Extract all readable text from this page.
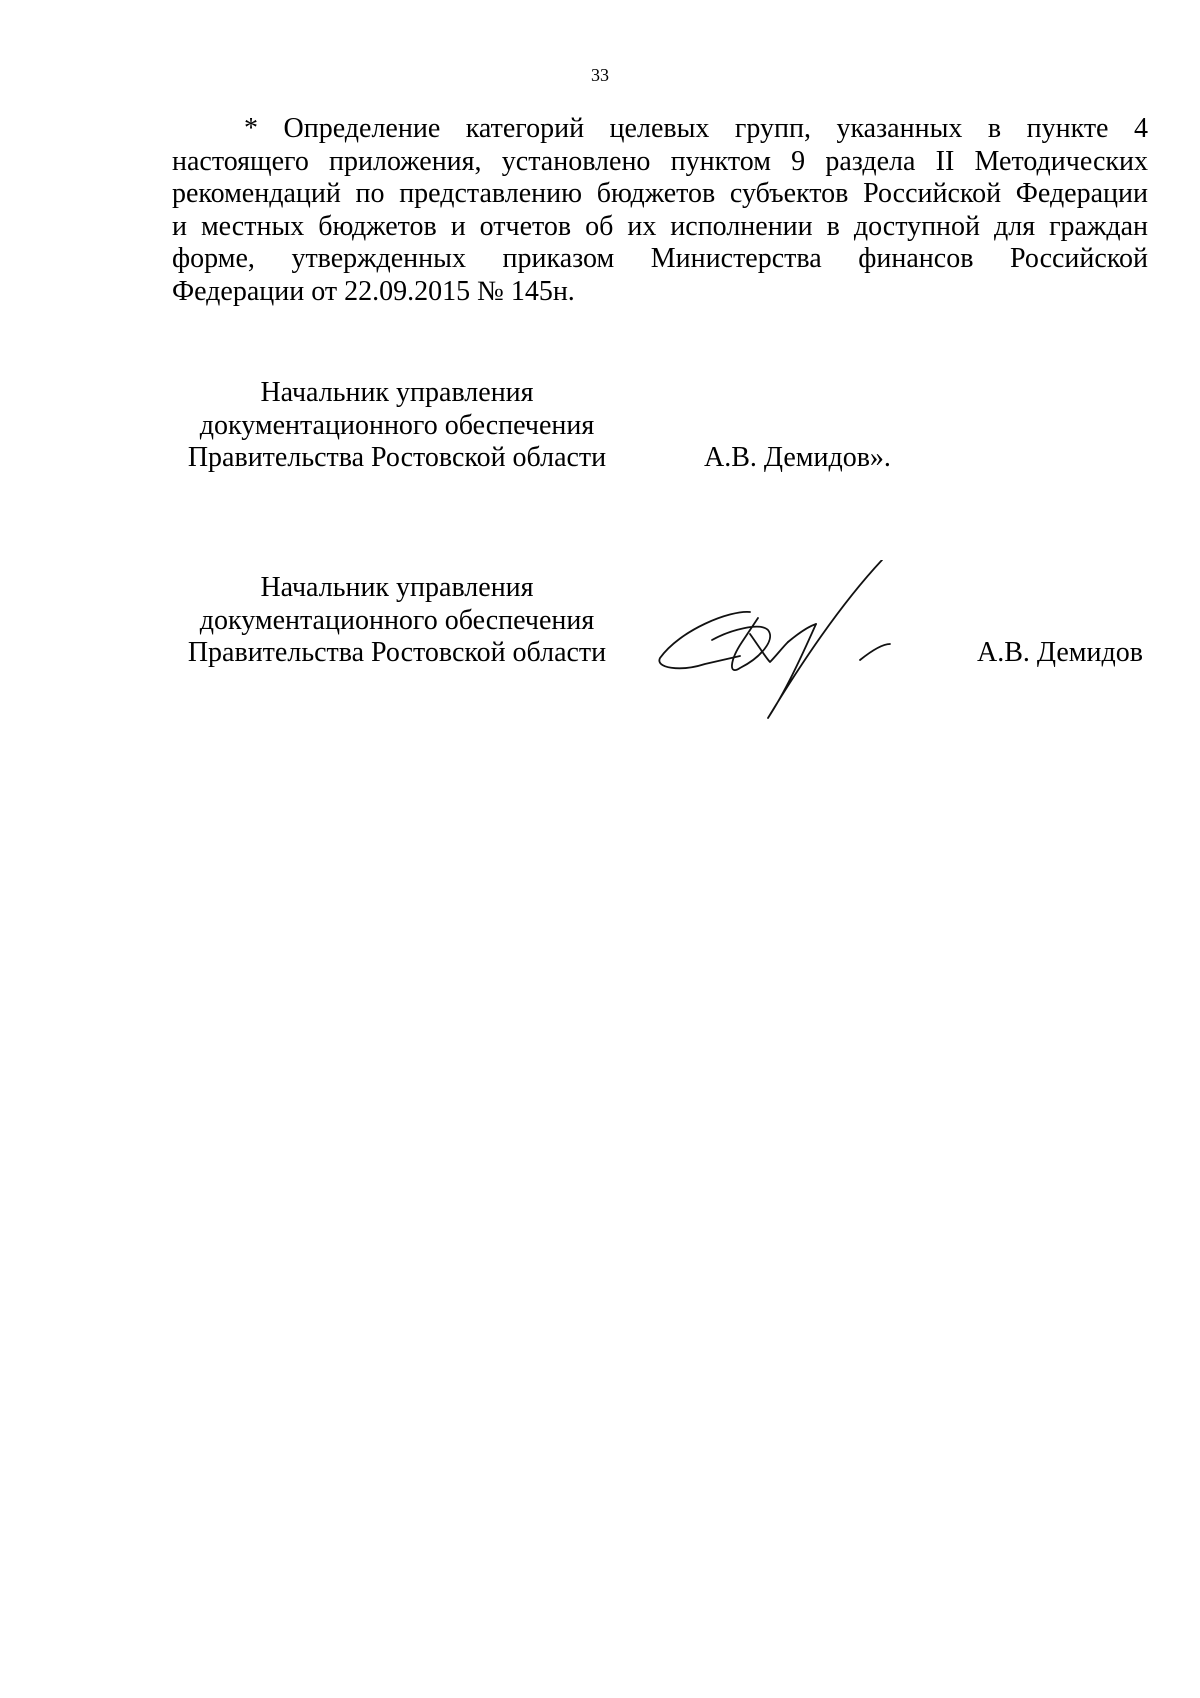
33
* Определение категорий целевых групп, указанных в пункте 4
настоящего приложения, установлено пунктом 9 раздела II Методических
рекомендаций по представлению бюджетов субъектов Российской Федерации
и местных бюджетов и отчетов об их исполнении в доступной для граждан
форме, утвержденных приказом Министерства финансов Российской
Федерации от 22.09.2015 № 145н.
Начальник управления
документационного обеспечения
Правительства Ростовской области	А.В. Демидов».
Начальник управления
документационного обеспечения
Правительства Ростовской области	А.В. Демидов
